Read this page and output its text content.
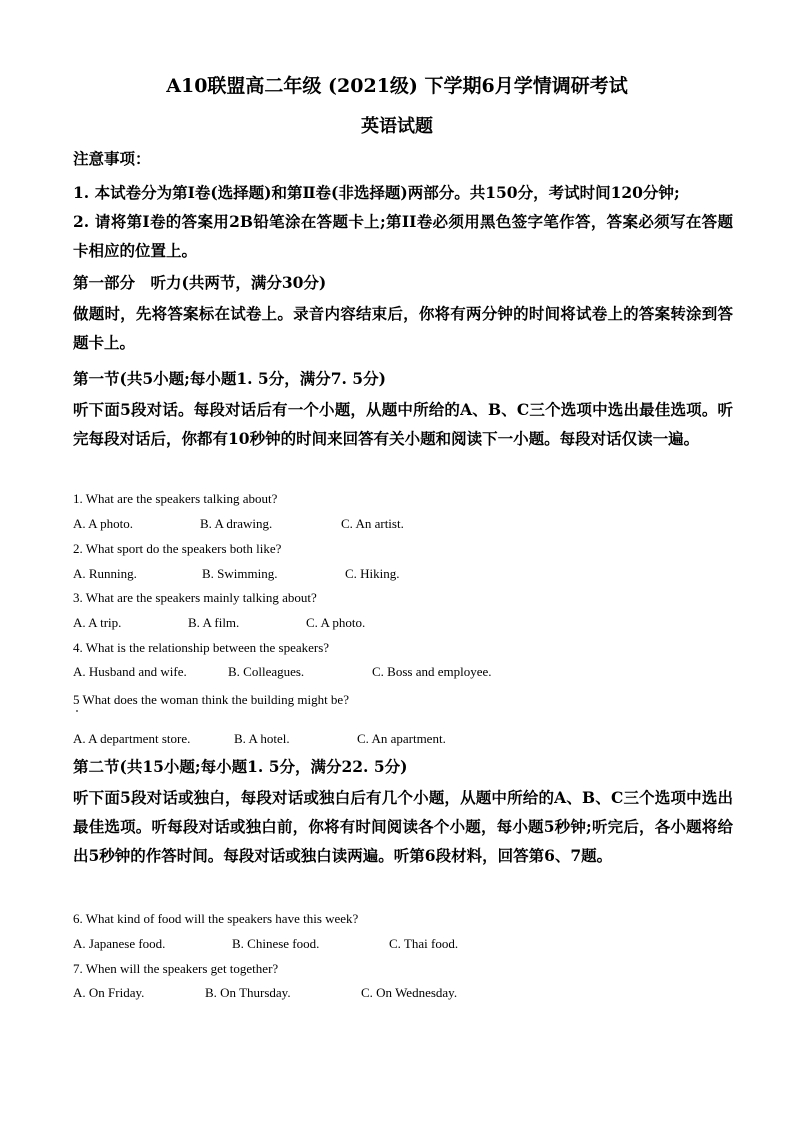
A10联盟高二年级 (2021级) 下学期6月学情调研考试
英语试题
注意事项：
1. 本试卷分为第Ⅰ卷(选择题)和第Ⅱ卷(非选择题)两部分。共150分，考试时间120分钟;
2. 请将第Ⅰ卷的答案用2B铅笔涂在答题卡上;第II卷必须用黑色签字笔作答，答案必须写在答题卡相应的位置上。
第一部分　听力(共两节，满分30分)
做题时，先将答案标在试卷上。录音内容结束后，你将有两分钟的时间将试卷上的答案转涂到答题卡上。
第一节(共5小题;每小题1. 5分，满分7. 5分)
听下面5段对话。每段对话后有一个小题，从题中所给的A、B、C三个选项中选出最佳选项。听完每段对话后，你都有10秒钟的时间来回答有关小题和阅读下一小题。每段对话仅读一遍。
1. What are the speakers talking about?
A. A photo.	B. A drawing.	C. An artist.
2. What sport do the speakers both like?
A. Running.	B. Swimming.	C. Hiking.
3. What are the speakers mainly talking about?
A. A trip.	B. A film.	C. A photo.
4. What is the relationship between the speakers?
A. Husband and wife.	B. Colleagues.	C. Boss and employee.
5 What does the woman think the building might be?
A. A department store.	B. A hotel.	C. An apartment.
第二节(共15小题;每小题1. 5分，满分22. 5分)
听下面5段对话或独白，每段对话或独白后有几个小题，从题中所给的A、B、C三个选项中选出最佳选项。听每段对话或独白前，你将有时间阅读各个小题，每小题5秒钟;听完后，各小题将给出5秒钟的作答时间。每段对话或独白读两遍。听第6段材料，回答第6、7题。
6. What kind of food will the speakers have this week?
A. Japanese food.	B. Chinese food.	C. Thai food.
7. When will the speakers get together?
A. On Friday.	B. On Thursday.	C. On Wednesday.
